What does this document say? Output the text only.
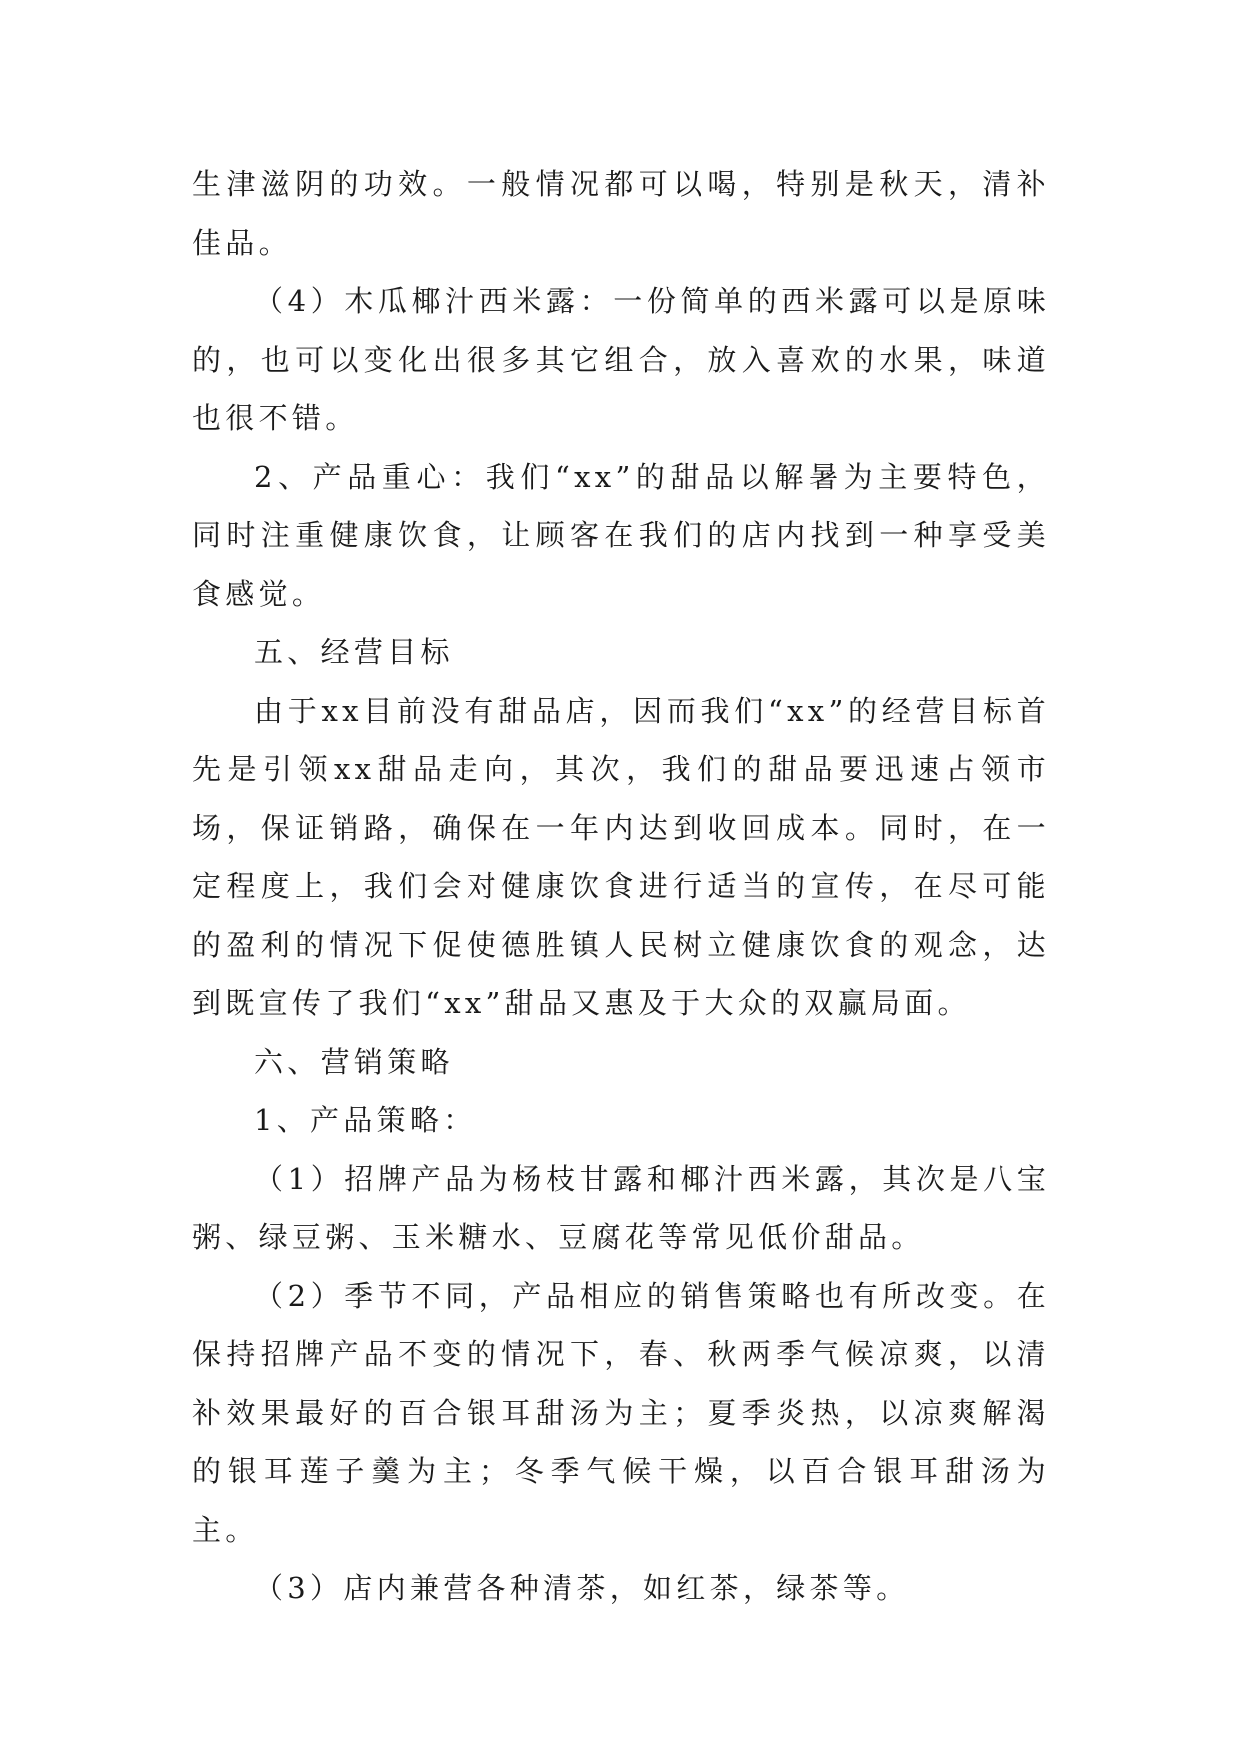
生津滋阴的功效。一般情况都可以喝，特别是秋天，清补佳品。

（4）木瓜椰汁西米露：一份简单的西米露可以是原味的，也可以变化出很多其它组合，放入喜欢的水果，味道也很不错。

2、产品重心：我们“xx”的甜品以解暑为主要特色，同时注重健康饮食，让顾客在我们的店内找到一种享受美食感觉。

五、经营目标

由于xx目前没有甜品店，因而我们“xx”的经营目标首先是引领xx甜品走向，其次，我们的甜品要迅速占领市场，保证销路，确保在一年内达到收回成本。同时，在一定程度上，我们会对健康饮食进行适当的宣传，在尽可能的盈利的情况下促使德胜镇人民树立健康饮食的观念，达到既宣传了我们“xx”甜品又惠及于大众的双赢局面。

六、营销策略

1、产品策略：

（1）招牌产品为杨枝甘露和椰汁西米露，其次是八宝粥、绿豆粥、玉米糖水、豆腐花等常见低价甜品。

（2）季节不同，产品相应的销售策略也有所改变。在保持招牌产品不变的情况下，春、秋两季气候凉爽，以清补效果最好的百合银耳甜汤为主；夏季炎热，以凉爽解渴的银耳莲子羹为主；冬季气候干燥，以百合银耳甜汤为主。

（3）店内兼营各种清茶，如红茶，绿茶等。
